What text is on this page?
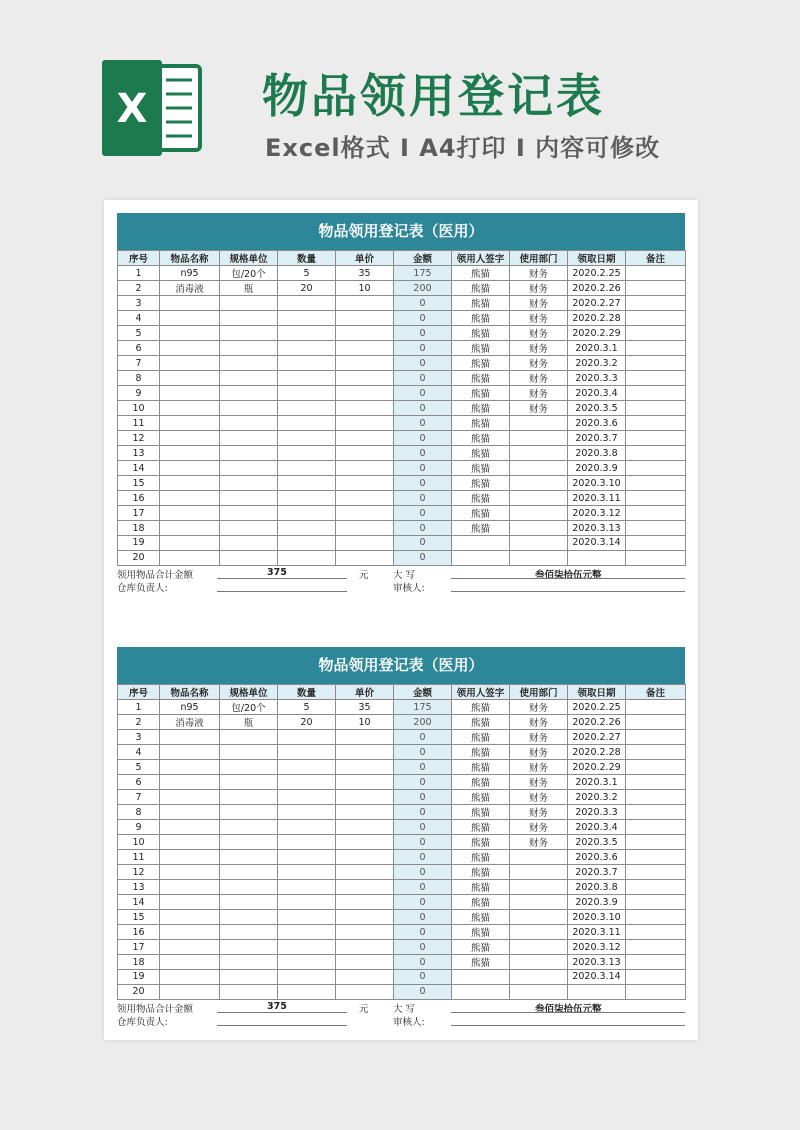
X 物品领用登记表
Excel格式 I A4打印 I 内容可修改
物品领用登记表（医用）
序号	物品名称	规格单位	数量	单价	金额	领用人签字	使用部门	领取日期	备注
1	n95	包/20个	5	35	175	熊猫	财务	2020.2.25	
2	消毒液	瓶	20	10	200	熊猫	财务	2020.2.26	
3					0	熊猫	财务	2020.2.27	
4					0	熊猫	财务	2020.2.28	
5					0	熊猫	财务	2020.2.29	
6					0	熊猫	财务	2020.3.1	
7					0	熊猫	财务	2020.3.2	
8					0	熊猫	财务	2020.3.3	
9					0	熊猫	财务	2020.3.4	
10					0	熊猫	财务	2020.3.5	
11					0	熊猫		2020.3.6	
12					0	熊猫		2020.3.7	
13					0	熊猫		2020.3.8	
14					0	熊猫		2020.3.9	
15					0	熊猫		2020.3.10	
16					0	熊猫		2020.3.11	
17					0	熊猫		2020.3.12	
18					0	熊猫		2020.3.13	
19					0			2020.3.14	
20					0				
领用物品合计金额	375	元	大 写	叁佰柒拾伍元整
仓库负责人:	审核人:
物品领用登记表（医用）
序号	物品名称	规格单位	数量	单价	金额	领用人签字	使用部门	领取日期	备注
1	n95	包/20个	5	35	175	熊猫	财务	2020.2.25	
2	消毒液	瓶	20	10	200	熊猫	财务	2020.2.26	
3					0	熊猫	财务	2020.2.27	
4					0	熊猫	财务	2020.2.28	
5					0	熊猫	财务	2020.2.29	
6					0	熊猫	财务	2020.3.1	
7					0	熊猫	财务	2020.3.2	
8					0	熊猫	财务	2020.3.3	
9					0	熊猫	财务	2020.3.4	
10					0	熊猫	财务	2020.3.5	
11					0	熊猫		2020.3.6	
12					0	熊猫		2020.3.7	
13					0	熊猫		2020.3.8	
14					0	熊猫		2020.3.9	
15					0	熊猫		2020.3.10	
16					0	熊猫		2020.3.11	
17					0	熊猫		2020.3.12	
18					0	熊猫		2020.3.13	
19					0			2020.3.14	
20					0				
领用物品合计金额	375	元	大 写	叁佰柒拾伍元整
仓库负责人:	审核人:
